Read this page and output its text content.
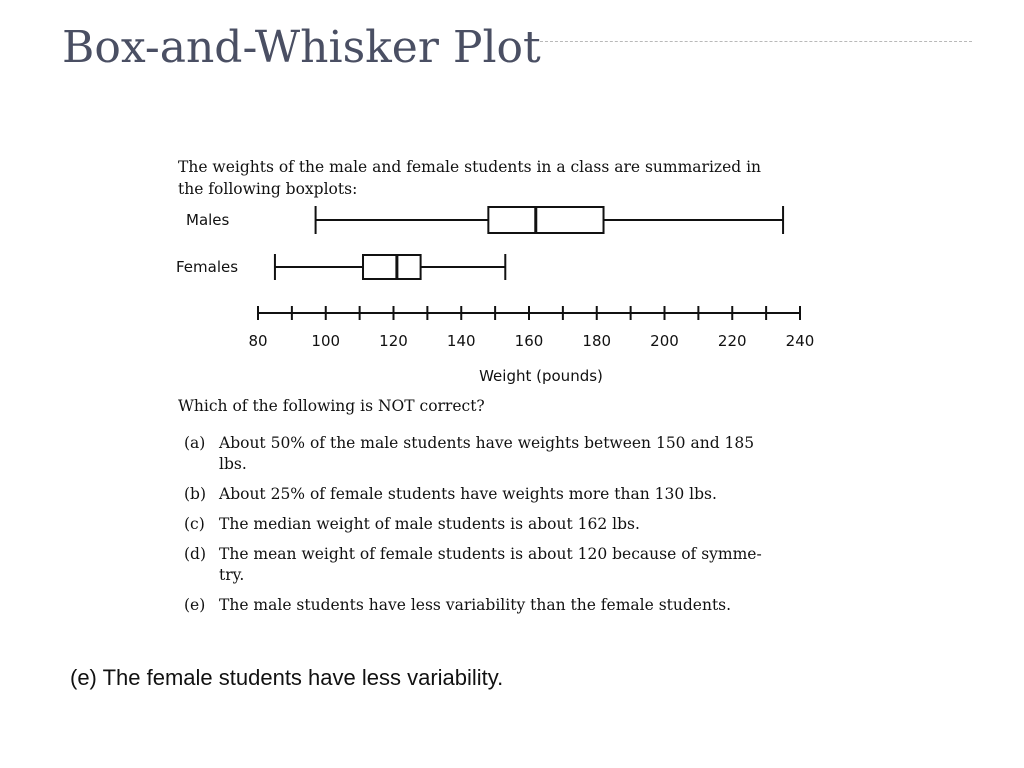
Box-and-Whisker Plot
The weights of the male and female students in a class are summarized in the following boxplots:
Males
Females
80	100	120	140	160	180	200	220	240
Weight (pounds)
Which of the following is NOT correct?
(a) About 50% of the male students have weights between 150 and 185 lbs.
(b) About 25% of female students have weights more than 130 lbs.
(c) The median weight of male students is about 162 lbs.
(d) The mean weight of female students is about 120 because of symme-try.
(e) The male students have less variability than the female students.
(e) The female students have less variability.
